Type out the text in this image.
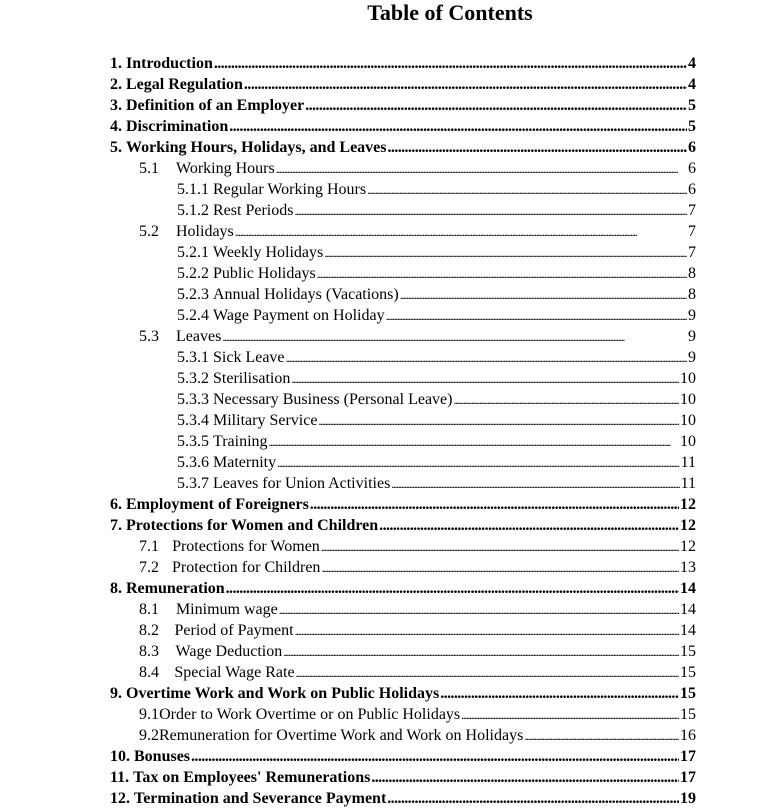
Table of Contents
1. Introduction . . .	4
2. Legal Regulation . . .	4
3. Definition of an Employer . . .	5
4. Discrimination . . .	5
5. Working Hours, Holidays, and Leaves . . .	6
5.1	Working Hours . . .	6
5.1.1 Regular Working Hours . . .	6
5.1.2 Rest Periods . . .	7
5.2	Holidays . . .	7
5.2.1 Weekly Holidays . . .	7
5.2.2 Public Holidays . . .	8
5.2.3 Annual Holidays (Vacations) . . .	8
5.2.4 Wage Payment on Holiday . . .	9
5.3	Leaves . . .	9
5.3.1 Sick Leave . . .	9
5.3.2 Sterilisation . . .	10
5.3.3 Necessary Business (Personal Leave) . . .	10
5.3.4 Military Service . . .	10
5.3.5 Training . . .	10
5.3.6 Maternity . . .	11
5.3.7 Leaves for Union Activities . . .	11
6. Employment of Foreigners . . .	12
7. Protections for Women and Children . . .	12
7.1 Protections for Women . . .	12
7.2 Protection for Children . . .	13
8. Remuneration . . .	14
8.1	Minimum wage . . .	14
8.2 Period of Payment . . .	14
8.3	Wage Deduction . . .	15
8.4 Special Wage Rate . . .	15
9. Overtime Work and Work on Public Holidays . . .	15
9.1 Order to Work Overtime or on Public Holidays . . .	15
9.2 Remuneration for Overtime Work and Work on Holidays . . .	16
10. Bonuses . . .	17
11. Tax on Employees' Remunerations . . .	17
12. Termination and Severance Payment . . .	19
